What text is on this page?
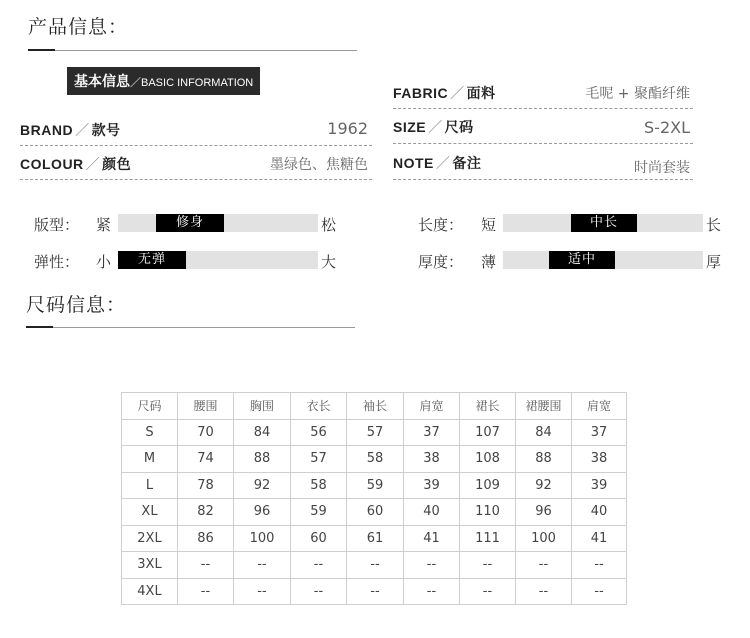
产品信息：
基本信息／BASIC INFORMATION
BRAND ／ 款号	1962
COLOUR ／ 颜色	墨绿色、焦糖色
FABRIC ／ 面料	毛呢 + 聚酯纤维
SIZE ／ 尺码	S-2XL
NOTE ／ 备注	时尚套装
版型： 紧	修身	松
弹性： 小	无弹	大
长度： 短	中长	长
厚度： 薄	适中	厚
尺码信息：
尺码	腰围	胸围	衣长	袖长	肩宽	裙长	裙腰围	肩宽
S	70	84	56	57	37	107	84	37
M	74	88	57	58	38	108	88	38
L	78	92	58	59	39	109	92	39
XL	82	96	59	60	40	110	96	40
2XL	86	100	60	61	41	111	100	41
3XL	--	--	--	--	--	--	--	--
4XL	--	--	--	--	--	--	--	--
